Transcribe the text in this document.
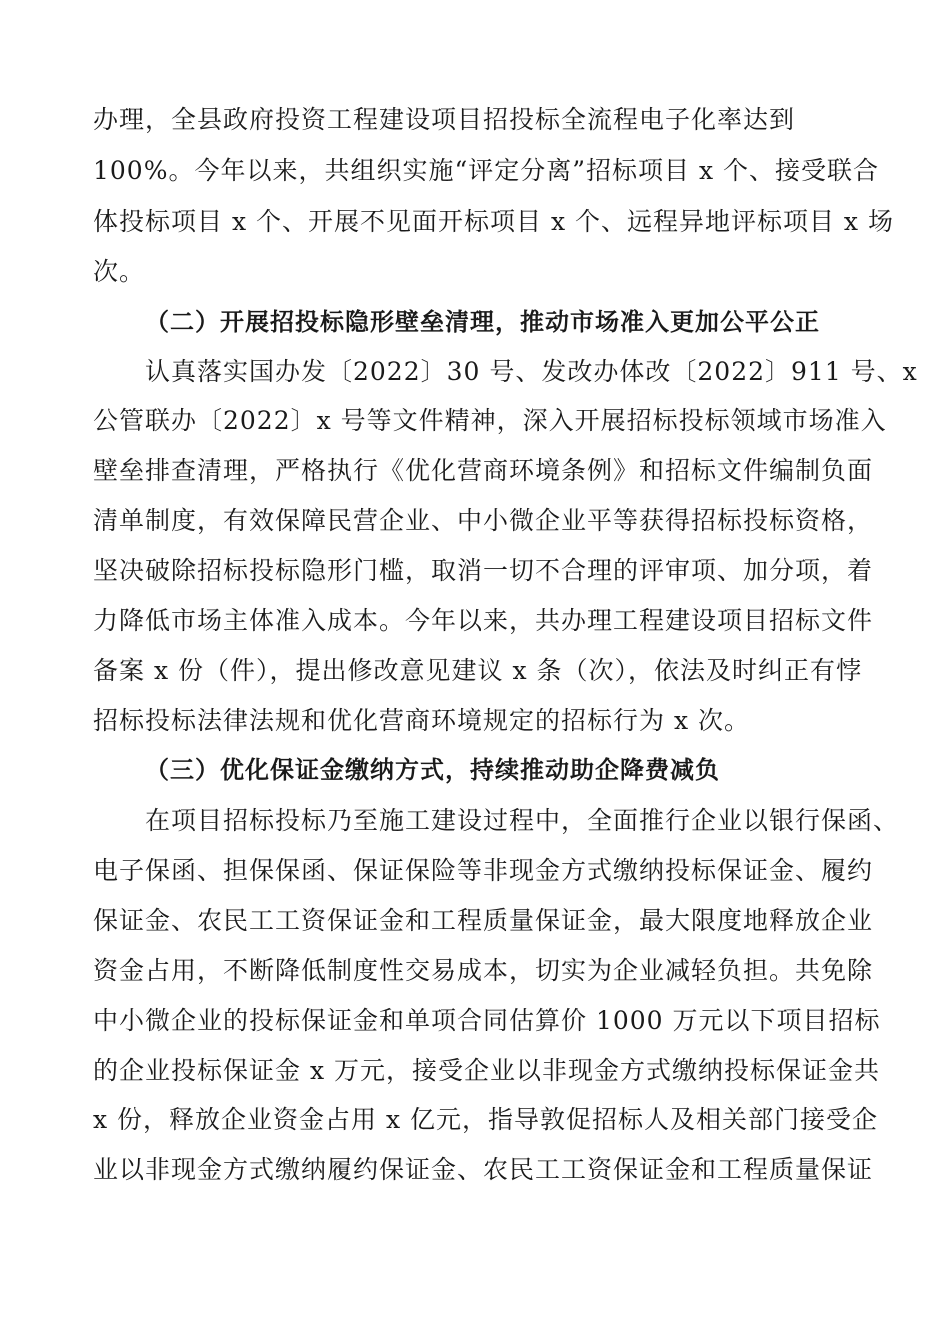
办理，全县政府投资工程建设项目招投标全流程电子化率达到
100%。今年以来，共组织实施“评定分离”招标项目 x 个、接受联合
体投标项目 x 个、开展不见面开标项目 x 个、远程异地评标项目 x 场
次。
（二）开展招投标隐形壁垒清理，推动市场准入更加公平公正
认真落实国办发〔2022〕30 号、发改办体改〔2022〕911 号、x
公管联办〔2022〕x 号等文件精神，深入开展招标投标领域市场准入
壁垒排查清理，严格执行《优化营商环境条例》和招标文件编制负面
清单制度，有效保障民营企业、中小微企业平等获得招标投标资格，
坚决破除招标投标隐形门槛，取消一切不合理的评审项、加分项，着
力降低市场主体准入成本。今年以来，共办理工程建设项目招标文件
备案 x 份（件），提出修改意见建议 x 条（次），依法及时纠正有悖
招标投标法律法规和优化营商环境规定的招标行为 x 次。
（三）优化保证金缴纳方式，持续推动助企降费减负
在项目招标投标乃至施工建设过程中，全面推行企业以银行保函、
电子保函、担保保函、保证保险等非现金方式缴纳投标保证金、履约
保证金、农民工工资保证金和工程质量保证金，最大限度地释放企业
资金占用，不断降低制度性交易成本，切实为企业减轻负担。共免除
中小微企业的投标保证金和单项合同估算价 1000 万元以下项目招标
的企业投标保证金 x 万元，接受企业以非现金方式缴纳投标保证金共
x 份，释放企业资金占用 x 亿元，指导敦促招标人及相关部门接受企
业以非现金方式缴纳履约保证金、农民工工资保证金和工程质量保证
